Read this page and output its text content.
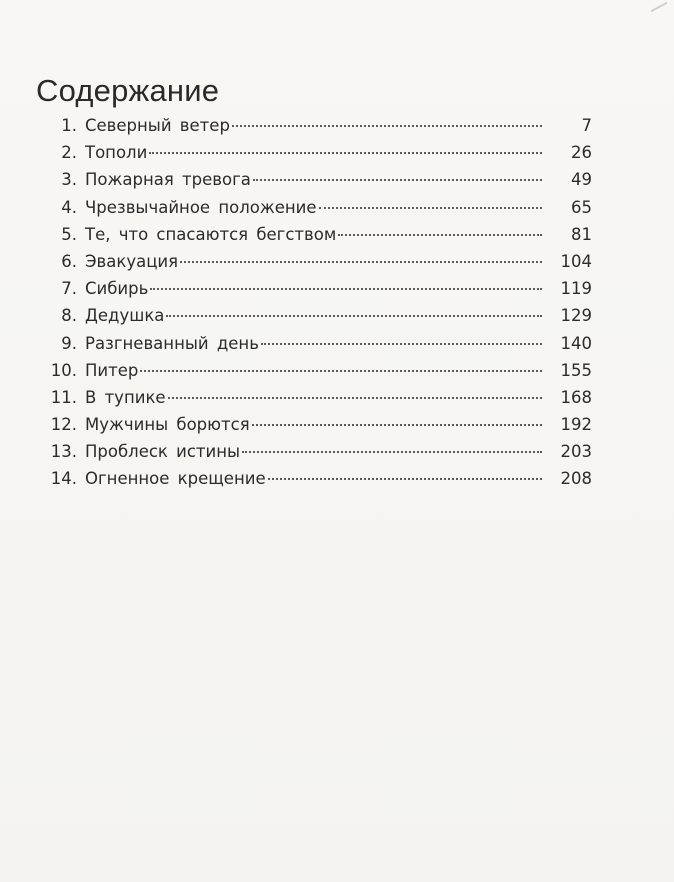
Содержание
1. Северный ветер	7
2. Тополи	26
3. Пожарная тревога	49
4. Чрезвычайное положение	65
5. Те, что спасаются бегством	81
6. Эвакуация	104
7. Сибирь	119
8. Дедушка	129
9. Разгневанный день	140
10. Питер	155
11. В тупике	168
12. Мужчины борются	192
13. Проблеск истины	203
14. Огненное крещение	208
